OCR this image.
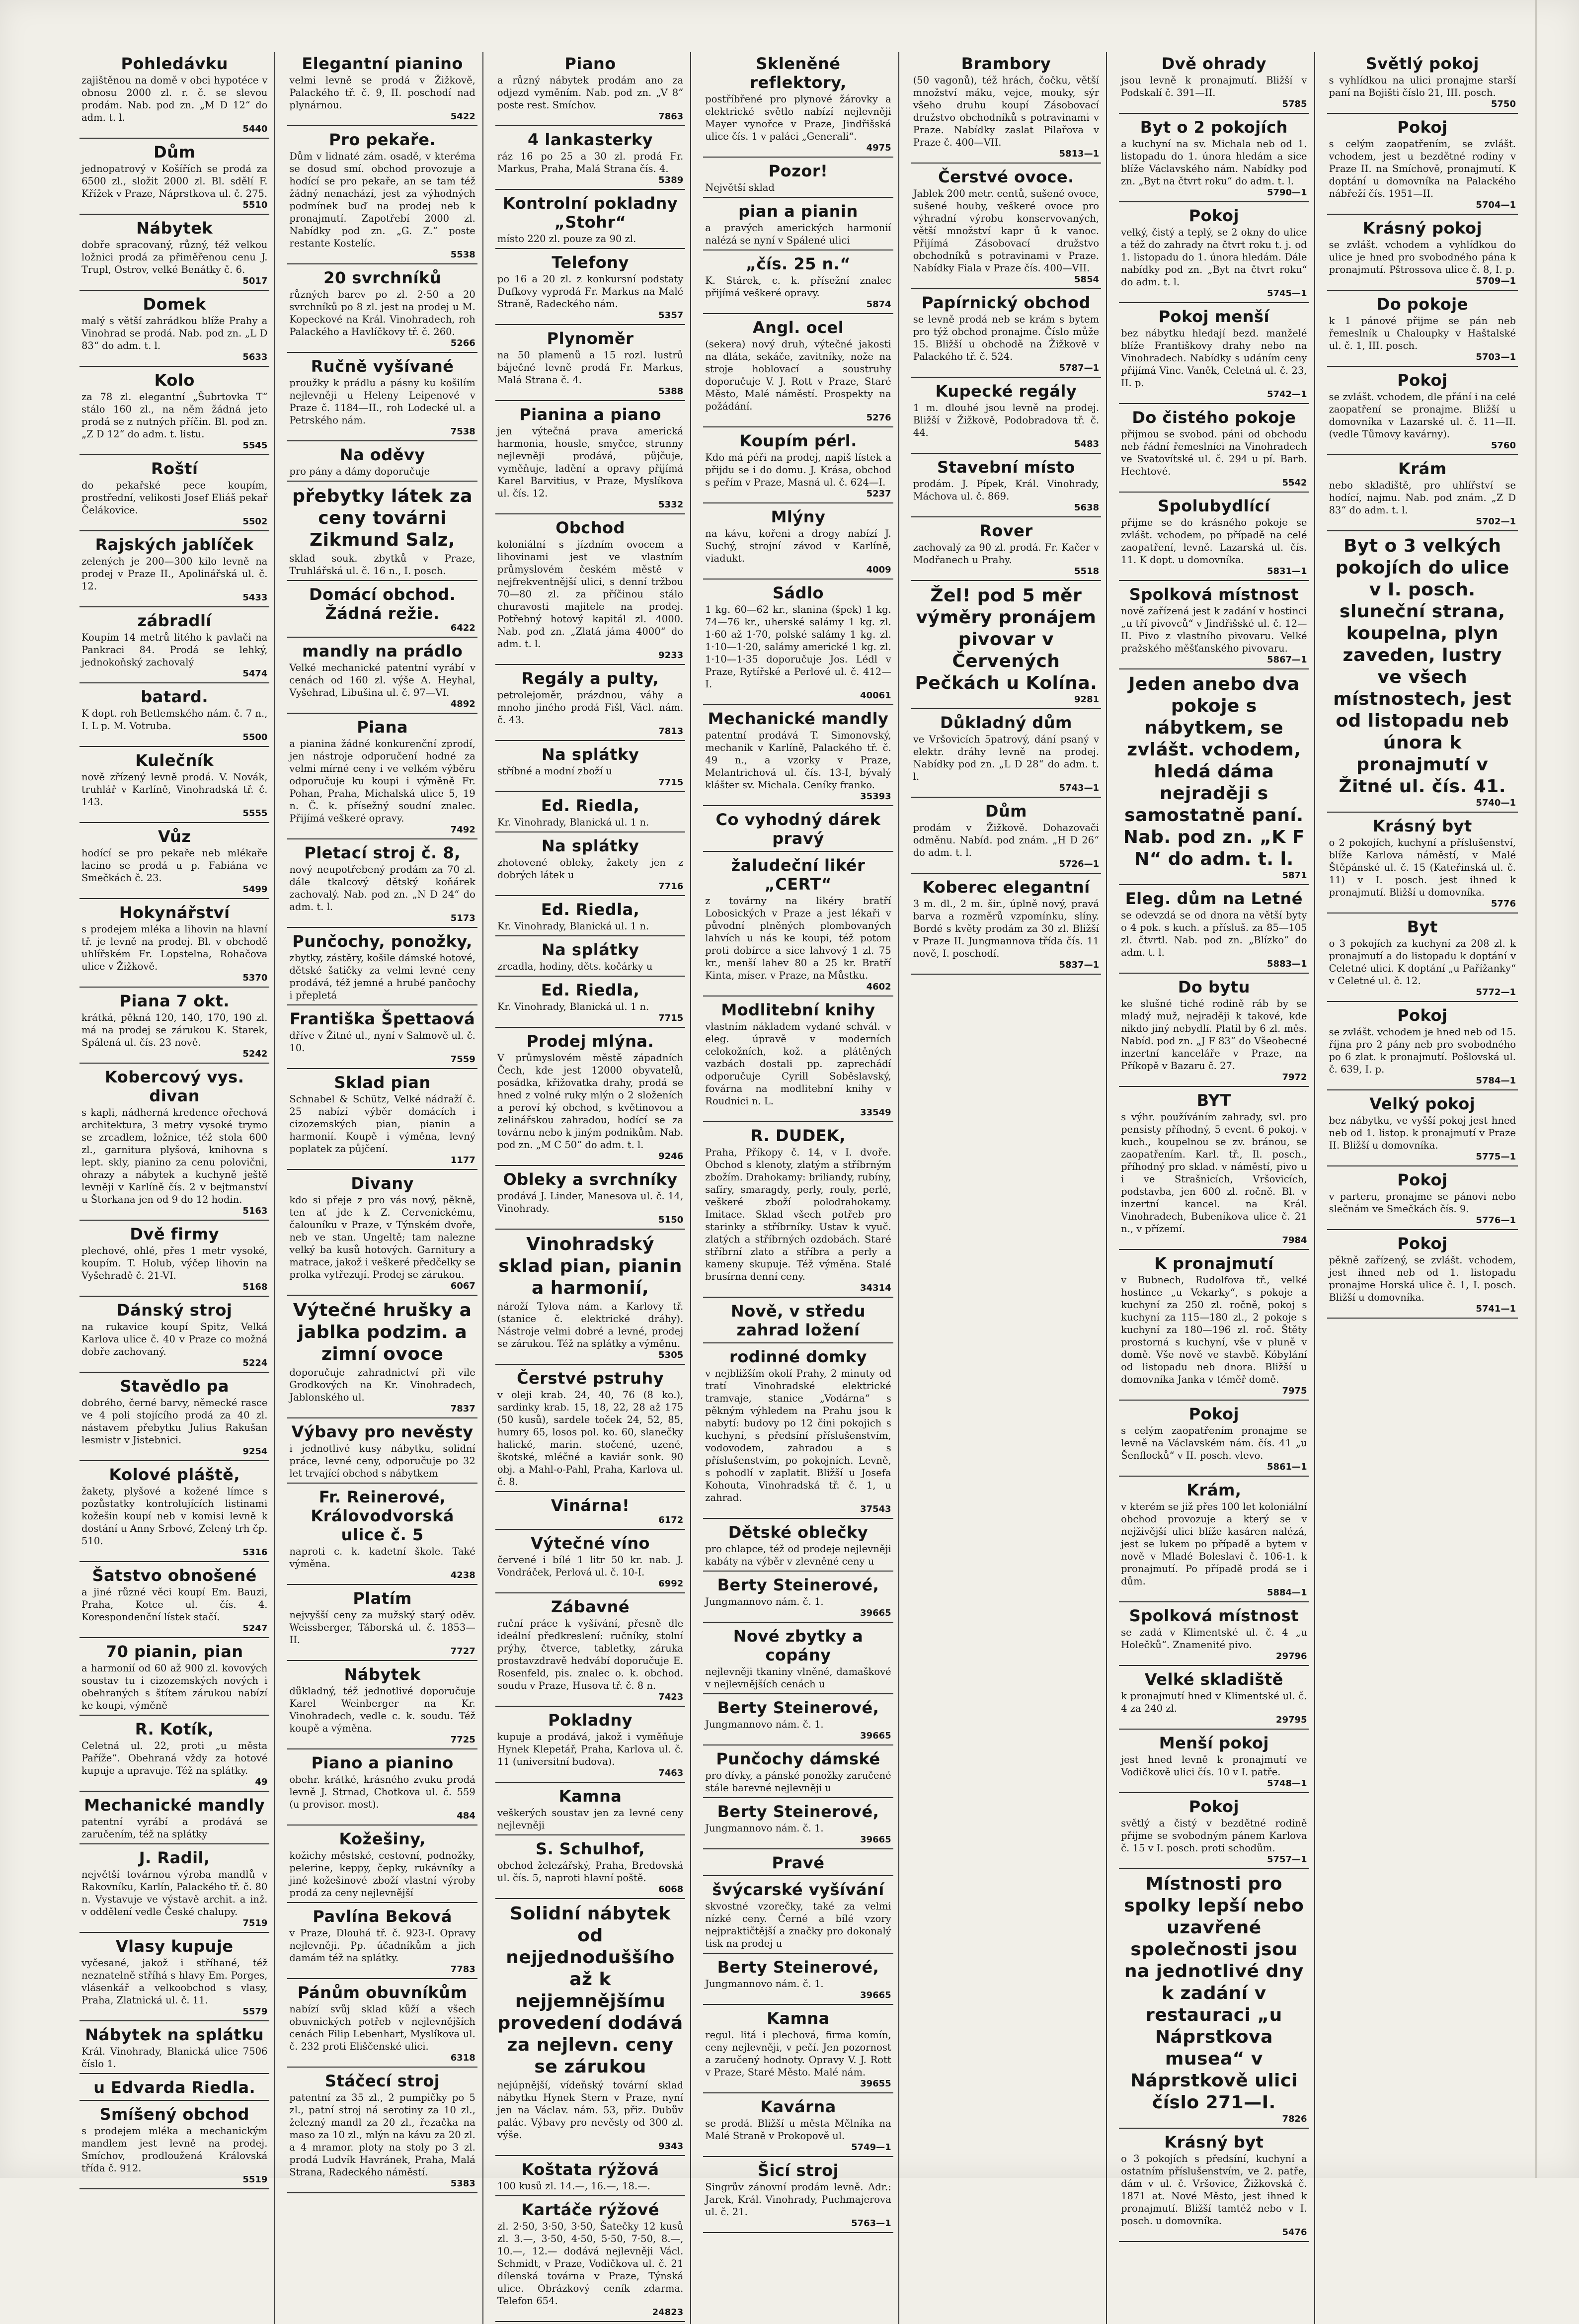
Pohledávku

zajištěnou na domě v obci hypotéce v obnosu 2000 zl. r. č. se slevou prodám. Nab. pod zn. „M D 12“ do adm. t. l.

5440

Dům

jednopatrový v Košířích se prodá za 6500 zl., složit 2000 zl. Bl. sdělí F. Křížek v Praze, Náprstkova ul. č. 275.

5510

Nábytek

dobře spracovaný, různý, též velkou ložnici prodá za přiměřenou cenu J. Trupl, Ostrov, velké Benátky č. 6.

5017

Domek

malý s větší zahrádkou blíže Prahy a Vinohrad se prodá. Nab. pod zn. „L D 83“ do adm. t. l.

5633

Kolo

za 78 zl. elegantní „Šubrtovka T“ stálo 160 zl., na něm žádná jeto prodá se z nutných příčin. Bl. pod zn. „Z D 12“ do adm. t. listu.

5545

Roští

do pekařské pece koupím, prostřední, velikosti Josef Eliáš pekař Čelákovice.

5502

Rajských jablíček

zelených je 200—300 kilo levně na prodej v Praze II., Apolinářská ul. č. 12.

5433

zábradlí

Koupím 14 metrů litého k pavlači na Pankraci 84. Prodá se lehký, jednokoňský zachovalý

5474

batard.

K dopt. roh Betlemského nám. č. 7 n., I. L p. M. Votruba.

5500

Kulečník

nově zřízený levně prodá. V. Novák, truhlář v Karlíně, Vinohradská tř. č. 143.

5555

Vůz

hodící se pro pekaře neb mlékaře lacino se prodá u p. Fabiána ve Smečkách č. 23.

5499

Hokynářství

s prodejem mléka a lihovin na hlavní tř. je levně na prodej. Bl. v obchodě uhlířském Fr. Lopstelna, Rohačova ulice v Žižkově.

5370

Piana 7 okt.

krátká, pěkná 120, 140, 170, 190 zl. má na prodej se zárukou K. Starek, Spálená ul. čís. 23 nově.

5242

Kobercový vys. divan

s kapli, nádherná kredence ořechová architektura, 3 metry vysoké trymo se zrcadlem, ložnice, též stola 600 zl., garnitura plyšová, knihovna s lept. skly, pianino za cenu polovični, ohrazy a nábytek a kuchyně ještě levněji v Karlíně čís. 2 v bejtmanství u Štorkana jen od 9 do 12 hodin.

5163

Dvě firmy

plechové, ohlé, přes 1 metr vysoké, koupím. T. Holub, výčep lihovin na Vyšehradě č. 21-VI.

5168

Dánský stroj

na rukavice koupí Spitz, Velká Karlova ulice č. 40 v Praze co možná dobře zachovaný.

5224

Stavědlo pa

dobrého, černé barvy, německé rasce ve 4 poli stojícího prodá za 40 zl. nástavem přebytku Julius Rakušan lesmistr v Jistebnici.

9254

Kolové pláště,

žakety, plyšové a kožené límce s pozůstatky kontrolujících listinami kožešin koupí neb v komisi levně k dostání u Anny Srbové, Zelený trh čp. 510.

5316

Šatstvo obnošené

a jiné různé věci koupí Em. Bauzi, Praha, Kotce ul. čís. 4. Korespondenční lístek stačí.

5247

70 pianin, pian

a harmonií od 60 až 900 zl. kovových soustav tu i cizozemských nových i obehraných s štítem zárukou nabízí ke koupi, výměně

R. Kotík,

Celetná ul. 22, proti „u města Paříže“. Obehraná vždy za hotové kupuje a upravuje. Též na splátky.

49

Mechanické mandly

patentní vyrábí a prodává se zaručením, též na splátky

J. Radil,

největší továrnou výroba mandlů v Rakovníku, Karlín, Palackého tř. č. 80 n. Vystavuje ve výstavě archit. a inž. v oddělení vedle České chalupy.

7519

Vlasy kupuje

vyčesané, jakož i stříhané, též neznatelně stříhá s hlavy Em. Porges, vlásenkář a velkoobchod s vlasy, Praha, Zlatnická ul. č. 11.

5579

Nábytek na splátku

Král. Vinohrady, Blanická ulice 7506 číslo 1.

u Edvarda Riedla.

Smíšený obchod

s prodejem mléka a mechanickým mandlem jest levně na prodej. Smíchov, prodloužená Královská třída č. 912.

5519

Elegantní pianino

velmi levně se prodá v Žižkově, Palackého tř. č. 9, II. poschodí nad plynárnou.

5422

Pro pekaře.

Dům v lidnaté zám. osadě, v kteréma se dosud smí. obchod provozuje a hodící se pro pekaře, an se tam též žádný nenachází, jest za výhodných podmínek buď na prodej neb k pronajmutí. Zapotřebí 2000 zl. Nabídky pod zn. „G. Z.“ poste restante Kostelíc.

5538

20 svrchníků

různých barev po zl. 2·50 a 20 svrchníků po 8 zl. jest na prodej u M. Kopeckové na Král. Vinohradech, roh Palackého a Havlíčkovy tř. č. 260.

5266

Ručně vyšívané

proužky k prádlu a pásny ku košilím nejlevněji u Heleny Leipenové v Praze č. 1184—II., roh Lodecké ul. a Petrského nám.

7538

Na oděvy

pro pány a dámy doporučuje

přebytky látek za ceny továrni Zikmund Salz,

sklad souk. zbytků v Praze, Truhlářská ul. č. 16 n., I. posch.

Domácí obchod. Žádná režie.

6422

mandly na prádlo

Velké mechanické patentní vyrábí v cenách od 160 zl. výše A. Heyhal, Vyšehrad, Libušina ul. č. 97—VI.

4892

Piana

a pianina žádné konkurenční zprodí, jen nástroje odporučení hodné za velmi mírné ceny i ve velkém výběru odporučuje ku koupi i výměně Fr. Pohan, Praha, Michalská ulice 5, 19 n. Č. k. přísežný soudní znalec. Přijímá veškeré opravy.

7492

Pletací stroj č. 8,

nový neupotřebený prodám za 70 zl. dále tkalcový dětský koňárek zachovalý. Nab. pod zn. „N D 24“ do adm. t. l.

5173

Punčochy, ponožky,

zbytky, zástěry, košile dámské hotové, dětské šatičky za velmi levné ceny prodává, též jemné a hrubé pančochy i přepletá

Františka Špettaová

dříve v Žitné ul., nyní v Salmově ul. č. 10.

7559

Sklad pian

Schnabel & Schütz, Velké nádraží č. 25 nabízí výběr domácích i cizozemských pian, pianin a harmonií. Koupě i výměna, levný poplatek za půjčení.

1177

Divany

kdo si přeje z pro vás nový, pěkně, ten ať jde k Z. Cervenickému, čalouníku v Praze, v Týnském dvoře, neb ve stan. Ungeltě; tam nalezne velký ba kusů hotových. Garnitury a matrace, jakož i veškeré předčelky se prolka vytřezují. Prodej se zárukou.

6067

Výtečné hrušky a jablka podzim. a zimní ovoce

doporučuje zahradnictví při vile Grodkových na Kr. Vinohradech, Jablonského ul.

7837

Výbavy pro nevěsty

i jednotlivé kusy nábytku, solidní práce, levné ceny, odporučuje po 32 let trvající obchod s nábytkem

Fr. Reinerové, Královodvorská ulice č. 5

naproti c. k. kadetní škole. Také výměna.

4238

Platím

nejvyšší ceny za mužský starý oděv. Weissberger, Táborská ul. č. 1853—II.

7727

Nábytek

důkladný, též jednotlivé doporučuje Karel Weinberger na Kr. Vinohradech, vedle c. k. soudu. Též koupě a výměna.

7725

Piano a pianino

obehr. krátké, krásného zvuku prodá levně J. Strnad, Chotkova ul. č. 559 (u provisor. most).

484

Kožešiny,

kožichy městské, cestovní, podnožky, pelerine, keppy, čepky, rukávníky a jiné kožešinové zboží vlastní výroby prodá za ceny nejlevnější

Pavlína Beková

v Praze, Dlouhá tř. č. 923-I. Opravy nejlevněji. Pp. účadníkům a jich damám též na splátky.

7783

Pánům obuvníkům

nabízí svůj sklad kůží a všech obuvnických potřeb v nejlevnějších cenách Filip Lebenhart, Myslíkova ul. č. 232 proti Eliščenské ulici.

6318

Stáčecí stroj

patentní za 35 zl., 2 pumpičky po 5 zl., patní stroj ná serotiny za 10 zl., železný mandl za 20 zl., řezačka na maso za 10 zl., mlýn na kávu za 20 zl. a 4 mramor. ploty na stoly po 3 zl. prodá Ludvík Havránek, Praha, Malá Strana, Radeckého náměstí.

5383

Piano

a různý nábytek prodám ano za odjezd vyměním. Nab. pod zn. „V 8“ poste rest. Smíchov.

7863

4 lankasterky

ráz 16 po 25 a 30 zl. prodá Fr. Markus, Praha, Malá Strana čís. 4.

5389

Kontrolní pokladny „Stohr“

místo 220 zl. pouze za 90 zl.

Telefony

po 16 a 20 zl. z konkursní podstaty Dufkovy vyprodá Fr. Markus na Malé Straně, Radeckého nám.

5357

Plynoměr

na 50 plamenů a 15 rozl. lustrů báječné levně prodá Fr. Markus, Malá Strana č. 4.

5388

Pianina a piano

jen výtečná prava americká harmonia, housle, smyčce, strunny nejlevněji prodává, půjčuje, vyměňuje, ladění a opravy přijímá Karel Barvitius, v Praze, Myslíkova ul. čís. 12.

5332

Obchod

koloniální s jízdním ovocem a lihovinami jest ve vlastním průmyslovém českém městě v nejfrekventnější ulici, s denní tržbou 70—80 zl. za příčinou stálo churavosti majitele na prodej. Potřebný hotový kapitál zl. 4000. Nab. pod zn. „Zlatá jáma 4000“ do adm. t. l.

9233

Regály a pulty,

petrolejoměr, prázdnou, váhy a mnoho jiného prodá Fišl, Václ. nám. č. 43.

7813

Na splátky

stříbné a modní zboží u

7715

Ed. Riedla,

Kr. Vinohrady, Blanická ul. 1 n.

Na splátky

zhotovené obleky, žakety jen z dobrých látek u

7716

Ed. Riedla,

Kr. Vinohrady, Blanická ul. 1 n.

Na splátky

zrcadla, hodiny, děts. kočárky u

Ed. Riedla,

Kr. Vinohrady, Blanická ul. 1 n.

7715

Prodej mlýna.

V průmyslovém městě západních Čech, kde jest 12000 obyvatelů, posádka, křižovatka drahy, prodá se hned z volné ruky mlýn o 2 složeních a peroví ký obchod, s květinovou a zelinářskou zahradou, hodící se za továrnu nebo k jiným podnikům. Nab. pod zn. „M C 50“ do adm. t. l.

9246

Obleky a svrchníky

prodává J. Linder, Manesova ul. č. 14, Vinohrady.

5150

Vinohradský sklad pian, pianin a harmonií,

nároží Tylova nám. a Karlovy tř. (stanice č. elektrické dráhy). Nástroje velmi dobré a levné, prodej se zárukou. Též na splátky a výměnu.

5305

Čerstvé pstruhy

v oleji krab. 24, 40, 76 (8 ko.), sardinky krab. 15, 18, 22, 28 až 175 (50 kusů), sardele toček 24, 52, 85, humry 65, losos pol. ko. 60, slanečky halické, marin. stočené, uzené, škotské, mléčné a kaviár sonk. 90 obj. a Mahl-o-Pahl, Praha, Karlova ul. č. 8.

Vinárna!

6172

Výtečné víno

červené i bílé 1 litr 50 kr. nab. J. Vondráček, Perlová ul. č. 10-I.

6992

Zábavné

ruční práce k vyšívání, přesně dle ideální předkreslení: ručníky, stolní prýhy, čtverce, tabletky, záruka prostavzdravě hedvábí doporučuje E. Rosenfeld, pis. znalec o. k. obchod. soudu v Praze, Husova tř. č. 8 n.

7423

Pokladny

kupuje a prodává, jakož i vyměňuje Hynek Klepetář, Praha, Karlova ul. č. 11 (universitní budova).

7463

Kamna

veškerých soustav jen za levné ceny nejlevněji

S. Schulhof,

obchod železářský, Praha, Bredovská ul. čís. 5, naproti hlavní poště.

6068

Solidní nábytek od nejjednoduššího až k nejjemnějšímu provedení dodává za nejlevn. ceny se zárukou

nejúpnější, vídeňský tovární sklad nábytku Hynek Stern v Praze, nyní jen na Václav. nám. 53, přiz. Dubův palác. Výbavy pro nevěsty od 300 zl. výše.

9343

Koštata rýžová

100 kusů zl. 14.—, 16.—, 18.—.

Kartáče rýžové

zl. 2·50, 3·50, 3·50, Šatečky 12 kusů zl. 3.—, 3·50, 4·50, 5·50, 7·50, 8.—, 10.—, 12.— dodává nejlevněji Václ. Schmidt, v Praze, Vodičkova ul. č. 21 dílenská továrna v Praze, Týnská ulice. Obrázkový ceník zdarma. Telefon 654.

24823

Skleněné reflektory,

postříbřené pro plynové žárovky a elektrické světlo nabízí nejlevněji Mayer vynořce v Praze, Jindřišská ulice čís. 1 v paláci „Generali“.

4975

Pozor!

Největší sklad

pian a pianin

a pravých amerických harmonií nalézá se nyní v Spálené ulici

„čís. 25 n.“

K. Stárek, c. k. přísežní znalec přijímá veškeré opravy.

5874

Angl. ocel

(sekera) nový druh, výtečné jakosti na dláta, sekáče, zavitníky, nože na stroje hoblovací a soustruhy doporučuje V. J. Rott v Praze, Staré Město, Malé náměstí. Prospekty na požádání.

5276

Koupím pérl.

Kdo má péři na prodej, napiš lístek a přijdu se i do domu. J. Krása, obchod s peřím v Praze, Masná ul. č. 624—I.

5237

Mlýny

na kávu, kořeni a drogy nabízí J. Suchý, strojní závod v Karlíně, viadukt.

4009

Sádlo

1 kg. 60—62 kr., slanina (špek) 1 kg. 74—76 kr., uherské salámy 1 kg. zl. 1·60 až 1·70, polské salámy 1 kg. zl. 1·10—1·20, salámy americké 1 kg. zl. 1·10—1·35 doporučuje Jos. Lédl v Praze, Rytířské a Perlové ul. č. 412—I.

40061

Mechanické mandly

patentní prodává T. Simonovský, mechanik v Karlíně, Palackého tř. č. 49 n., a vzorky v Praze, Melantrichová ul. čís. 13-I, bývalý klášter sv. Michala. Ceníky franko.

35393

Co vyhodný dárek pravý

žaludeční likér „CERT“

z továrny na likéry bratří Lobosických v Praze a jest lékaři v původní plněných plombovaných lahvích u nás ke koupi, též potom proti dobírce a sice lahvový 1 zl. 75 kr., menší lahev 80 a 25 kr. Bratří Kinta, míser. v Praze, na Můstku.

4602

Modlitební knihy

vlastním nákladem vydané schvál. v eleg. úpravě v moderních celokožních, kož. a plátěných vazbách dostali pp. zaprechádí odporučuje Cyrill Soběslavský, fovárna na modlitební knihy v Roudnici n. L.

33549

R. DUDEK,

Praha, Příkopy č. 14, v I. dvoře. Obchod s klenoty, zlatým a stříbrným zbožím. Drahokamy: briliandy, rubíny, safíry, smaragdy, perly, rouly, perlé, veškeré zboží polodrahokamy. Imitace. Sklad všech potřeb pro starinky a stříbrníky. Ustav k vyuč. zlatých a stříbrných ozdobách. Staré stříbrní zlato a stříbra a perly a kameny skupuje. Též výměna. Stalé brusírna denní ceny.

34314

Nově, v středu zahrad ložení

rodinné domky

v nejbližším okolí Prahy, 2 minuty od tratí Vinohradské elektrické tramvaje, stanice „Vodárna“ s pěkným výhledem na Prahu jsou k nabytí: budovy po 12 čini pokojich s kuchyní, s předsíní příslušenstvím, vodovodem, zahradou a s příslušenstvím, po pokojních. Levně, s pohodlí v zaplatit. Bližší u Josefa Kohouta, Vinohradská tř. č. 1, u zahrad.

37543

Dětské oblečky

pro chlapce, též od prodeje nejlevněji kabáty na výběr v zlevněné ceny u

Berty Steinerové,

Jungmannovo nám. č. 1.

39665

Nové zbytky a copány

nejlevněji tkaniny vlněné, damaškové v nejlevnějších cenách u

Berty Steinerové,

Jungmannovo nám. č. 1.

39665

Punčochy dámské

pro dívky, a pánské ponožky zaručené stále barevné nejlevněji u

Berty Steinerové,

Jungmannovo nám. č. 1.

39665

Pravé

švýcarské vyšívání

skvostné vzorečky, také za velmi nízké ceny. Černé a bílé vzory nejpraktičtější a značky pro dokonalý tisk na prodej u

Berty Steinerové,

Jungmannovo nám. č. 1.

39665

Kamna

regul. litá i plechová, firma komín, ceny nejlevněji, v pečí. Jen pozornost a zaručený hodnoty. Opravy V. J. Rott v Praze, Staré Město. Malé nám.

39655

Kavárna

se prodá. Bližší u města Mělníka na Malé Straně v Prokopově ul.

5749—1

Šicí stroj

Singrův zánovní prodám levně. Adr.: Jarek, Král. Vinohrady, Puchmajerova ul. č. 21.

5763—1

Brambory

(50 vagonů), též hrách, čočku, větší množství máku, vejce, mouky, sýr všeho druhu koupí Zásobovací družstvo obchodníků s potravinami v Praze. Nabídky zaslat Pilařova v Praze č. 400—VII.

5813—1

Čerstvé ovoce.

Jablek 200 metr. centů, sušené ovoce, sušené houby, veškeré ovoce pro výhradní výrobu konservovaných, větší množství kapr ů k vanoc. Přijímá Zásobovací družstvo obchodníků s potravinami v Praze. Nabídky Fiala v Praze čís. 400—VII.

5854

Papírnický obchod

se levně prodá neb se krám s bytem pro týž obchod pronajme. Číslo může 15. Bližší u obchodě na Žižkově v Palackého tř. č. 524.

5787—1

Kupecké regály

1 m. dlouhé jsou levně na prodej. Bližší v Žižkově, Podobradova tř. č. 44.

5483

Stavební místo

prodám. J. Pípek, Král. Vinohrady, Máchova ul. č. 869.

5638

Rover

zachovalý za 90 zl. prodá. Fr. Kačer v Modřanech u Prahy.

5518

Žel! pod 5 měr výměry pronájem pivovar v Červených Pečkách u Kolína.

9281

Důkladný dům

ve Vršovicích 5patrový, dání psaný v elektr. dráhy levně na prodej. Nabídky pod zn. „L D 28“ do adm. t. l.

5743—1

Dům

prodám v Žižkově. Dohazovači odměnu. Nabíd. pod znám. „H D 26“ do adm. t. l.

5726—1

Koberec elegantní

3 m. dl., 2 m. šir., úplně nový, pravá barva a rozměrů vzpomínku, slíny. Bordé s květy prodám za 30 zl. Bližší v Praze II. Jungmannova třída čís. 11 nově, I. poschodí.

5837—1

Dvě ohrady

jsou levně k pronajmutí. Bližší v Podskalí č. 391—II.

5785

Byt o 2 pokojích

a kuchyní na sv. Michala neb od 1. listopadu do 1. února hledám a sice blíže Václavského nám. Nabídky pod zn. „Byt na čtvrt roku“ do adm. t. l.

5790—1

Pokoj

velký, čistý a teplý, se 2 okny do ulice a též do zahrady na čtvrt roku t. j. od 1. listopadu do 1. února hledám. Dále nabídky pod zn. „Byt na čtvrt roku“ do adm. t. l.

5745—1

Pokoj menší

bez nábytku hledají bezd. manželé blíže Františkovy drahy nebo na Vinohradech. Nabídky s udáním ceny přijímá Vinc. Vaněk, Celetná ul. č. 23, II. p.

5742—1

Do čistého pokoje

přijmou se svobod. páni od obchodu neb řádní řemeslníci na Vinohradech ve Svatovítské ul. č. 294 u pí. Barb. Hechtové.

5542

Spolubydlící

přijme se do krásného pokoje se zvlášt. vchodem, po případě na celé zaopatření, levně. Lazarská ul. čís. 11. K dopt. u domovníka.

5831—1

Spolková místnost

nově zařízená jest k zadání v hostinci „u tří pivovců“ v Jindřišské ul. č. 12—II. Pivo z vlastního pivovaru. Velké pražského měšťanského pivovaru.

5867—1

Jeden anebo dva pokoje s nábytkem, se zvlášt. vchodem, hledá dáma nejraději s samostatně paní. Nab. pod zn. „K F N“ do adm. t. l.

5871

Eleg. dům na Letné

se odevzdá se od dnora na větší byty o 4 pok. s kuch. a přísluš. za 85—105 zl. čtvrtl. Nab. pod zn. „Blízko“ do adm. t. l.

5883—1

Do bytu

ke slušné tiché rodině ráb by se mladý muž, nejraději k takové, kde nikdo jiný nebydlí. Platil by 6 zl. měs. Nabíd. pod zn. „J F 83“ do Všeobecné inzertní kanceláře v Praze, na Příkopě v Bazaru č. 27.

7972

BYT

s výhr. používáním zahrady, svl. pro pensisty příhodný, 5 event. 6 pokoj. v kuch., koupelnou se zv. bránou, se zaopatřením. Karl. tř., Il. posch., příhodný pro sklad. v náměstí, pivo u i ve Strašnicích, Vršovicích, podstavba, jen 600 zl. ročně. Bl. v inzertní kancel. na Král. Vinohradech, Bubeníkova ulice č. 21 n., v přízemí.

7984

K pronajmutí

v Bubnech, Rudolfova tř., velké hostince „u Vekarky“, s pokoje a kuchyní za 250 zl. ročně, pokoj s kuchyní za 115—180 zl., 2 pokoje s kuchyní za 180—196 zl. roč. Štěty prostorná s kuchyní, vše v pluně v domě. Vše nově ve stavbě. Kóbylání od listopadu neb dnora. Bližší u domovníka Janka v téměř domě.

7975

Pokoj

s celým zaopatřením pronajme se levně na Václavském nám. čís. 41 „u Šenflocků“ v II. posch. vlevo.

5861—1

Krám,

v kterém se již přes 100 let koloniální obchod provozuje a který se v nejživější ulici blíže kasáren nalézá, jest se lukem po případě a bytem v nově v Mladé Boleslavi č. 106-1. k pronajmutí. Po případě prodá se i dům.

5884—1

Spolková místnost

se zadá v Klimentské ul. č. 4 „u Holečků“. Znamenité pivo.

29796

Velké skladiště

k pronajmutí hned v Klimentské ul. č. 4 za 240 zl.

29795

Menší pokoj

jest hned levně k pronajmutí ve Vodičkově ulici čís. 10 v I. patře.

5748—1

Pokoj

světlý a čistý v bezdětné rodině přijme se svobodným pánem Karlova č. 15 v I. posch. proti schodům.

5757—1

Místnosti pro spolky lepší nebo uzavřené společnosti jsou na jednotlivé dny k zadání v restauraci „u Náprstkova musea“ v Náprstkově ulici číslo 271—I.

7826

Krásný byt

o 3 pokojích s předsíní, kuchyní a ostatním příslušenstvím, ve 2. patře, dám v ul. č. Vršovice, Žižkovská č. 1871 at. Nové Město, jest ihned k pronajmutí. Bližší tamtéž nebo v I. posch. u domovníka.

5476

Světlý pokoj

s vyhlídkou na ulici pronajme starší paní na Bojišti číslo 21, III. posch.

5750

Pokoj

s celým zaopatřením, se zvlášt. vchodem, jest u bezdětné rodiny v Praze II. na Smíchově, pronajmutí. K doptání u domovníka na Palackého nábřeží čís. 1951—II.

5704—1

Krásný pokoj

se zvlášt. vchodem a vyhlídkou do ulice je hned pro svobodného pána k pronajmutí. Pštrossova ulice č. 8, I. p.

5709—1

Do pokoje

k 1 pánové přijme se pán neb řemeslník u Chaloupky v Haštalské ul. č. 1, III. posch.

5703—1

Pokoj

se zvlášt. vchodem, dle přání i na celé zaopatření se pronajme. Bližší u domovníka v Lazarské ul. č. 11—II. (vedle Tůmovy kavárny).

5760

Krám

nebo skladiště, pro uhlířství se hodící, najmu. Nab. pod znám. „Z D 83“ do adm. t. l.

5702—1

Byt o 3 velkých pokojích do ulice v I. posch. sluneční strana, koupelna, plyn zaveden, lustry ve všech místnostech, jest od listopadu neb února k pronajmutí v Žitné ul. čís. 41.

5740—1

Krásný byt

o 2 pokojích, kuchyní a příslušenství, blíže Karlova náměstí, v Malé Štěpánské ul. č. 15 (Kateřinská ul. č. 11) v I. posch. jest ihned k pronajmutí. Bližší u domovníka.

5776

Byt

o 3 pokojích za kuchyní za 208 zl. k pronajmutí a do listopadu k doptání v Celetné ulici. K doptání „u Pařížanky“ v Celetné ul. č. 12.

5772—1

Pokoj

se zvlášt. vchodem je hned neb od 15. října pro 2 pány neb pro svobodného po 6 zlat. k pronajmutí. Pošlovská ul. č. 639, I. p.

5784—1

Velký pokoj

bez nábytku, ve vyšší pokoj jest hned neb od 1. listop. k pronajmutí v Praze II. Bližší u domovníka.

5775—1

Pokoj

v parteru, pronajme se pánovi nebo slečnám ve Smečkách čís. 9.

5776—1

Pokoj

pěkně zařízený, se zvlášt. vchodem, jest ihned neb od 1. listopadu pronajme Horská ulice č. 1, I. posch. Bližší u domovníka.

5741—1
